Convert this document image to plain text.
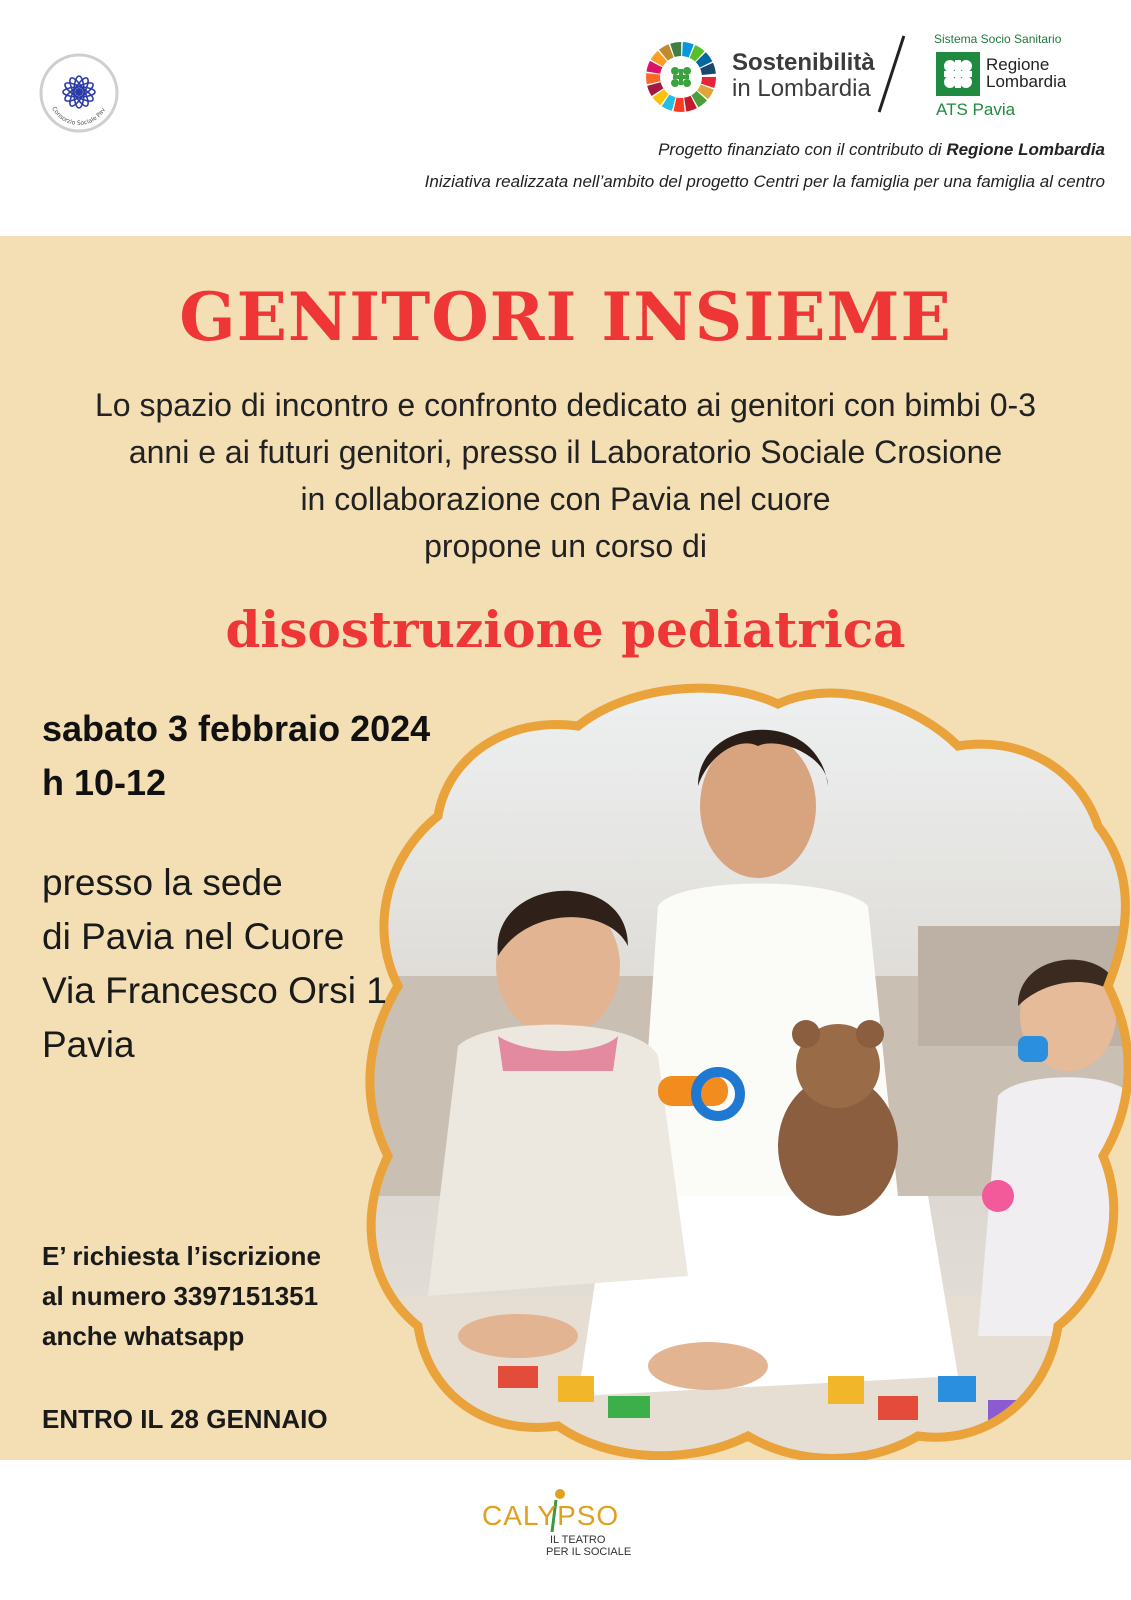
Consorzio Sociale Pav
Sostenibilità
in Lombardia
Sistema Socio Sanitario
Regione
Lombardia
ATS Pavia
Progetto finanziato con il contributo di Regione Lombardia
Iniziativa realizzata nell’ambito del progetto Centri per la famiglia per una famiglia al centro
GENITORI INSIEME
Lo spazio di incontro e confronto dedicato ai genitori con bimbi 0-3
anni e ai futuri genitori, presso il Laboratorio Sociale Crosione
in collaborazione con Pavia nel cuore
propone un corso di
disostruzione pediatrica
sabato 3 febbraio 2024
h 10-12
presso la sede
di Pavia nel Cuore
Via Francesco Orsi 1
Pavia
E’ richiesta l’iscrizione
al numero 3397151351
anche whatsapp
ENTRO IL 28 GENNAIO
CALYPSO
IL TEATRO
PER IL SOCIALE
